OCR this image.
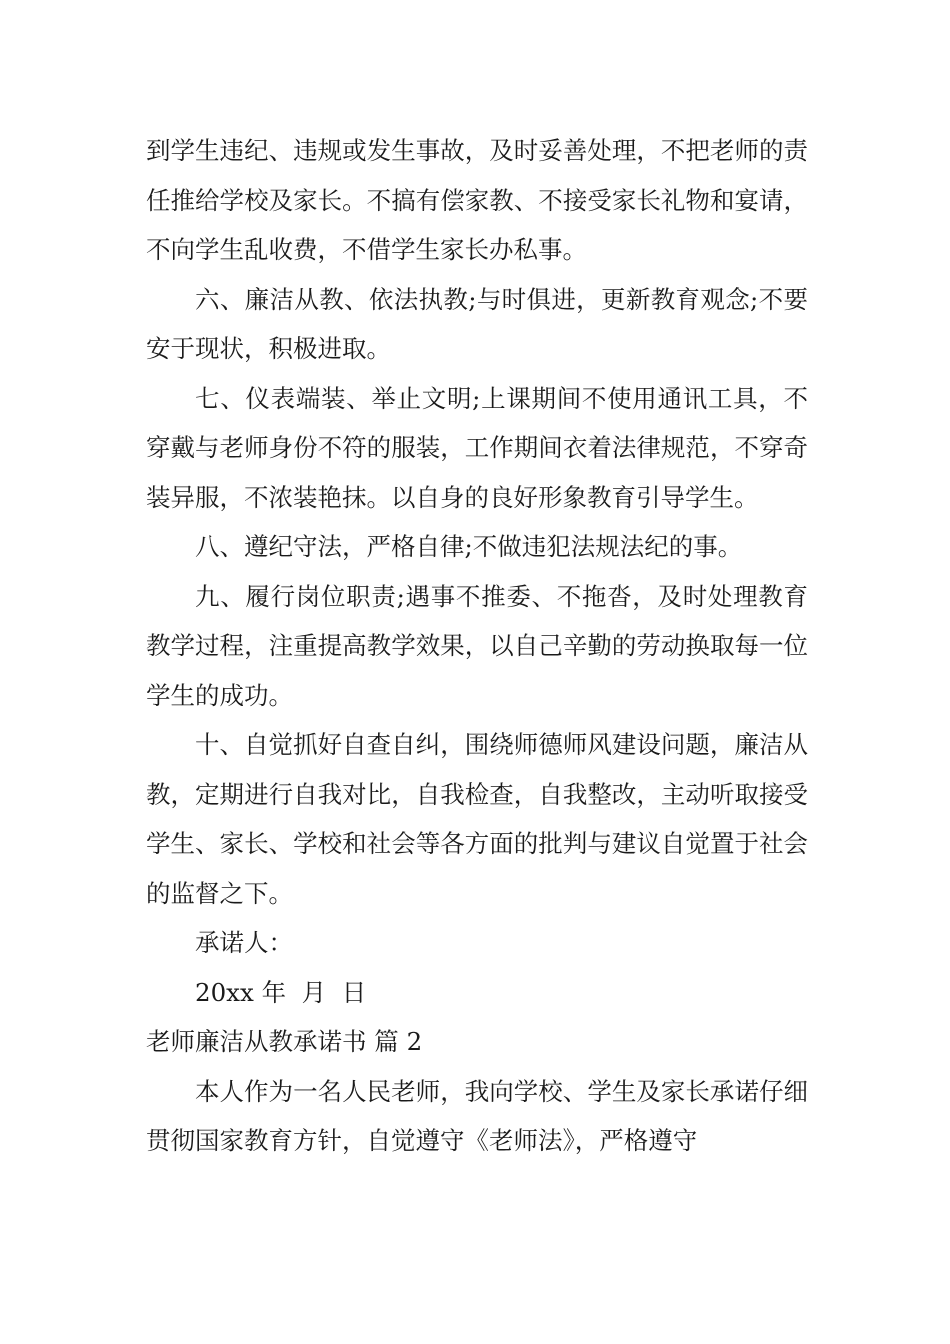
到学生违纪、违规或发生事故，及时妥善处理，不把老师的责任推给学校及家长。不搞有偿家教、不接受家长礼物和宴请，不向学生乱收费，不借学生家长办私事。

六、廉洁从教、依法执教;与时俱进，更新教育观念;不要安于现状，积极进取。

七、仪表端装、举止文明;上课期间不使用通讯工具，不穿戴与老师身份不符的服装，工作期间衣着法律规范，不穿奇装异服，不浓装艳抹。以自身的良好形象教育引导学生。

八、遵纪守法，严格自律;不做违犯法规法纪的事。

九、履行岗位职责;遇事不推委、不拖沓，及时处理教育教学过程，注重提高教学效果，以自己辛勤的劳动换取每一位学生的成功。

十、自觉抓好自查自纠，围绕师德师风建设问题，廉洁从教，定期进行自我对比，自我检查，自我整改，主动听取接受学生、家长、学校和社会等各方面的批判与建议自觉置于社会的监督之下。

承诺人：

20xx 年  月  日

老师廉洁从教承诺书 篇 2

本人作为一名人民老师，我向学校、学生及家长承诺仔细贯彻国家教育方针，自觉遵守《老师法》，严格遵守
